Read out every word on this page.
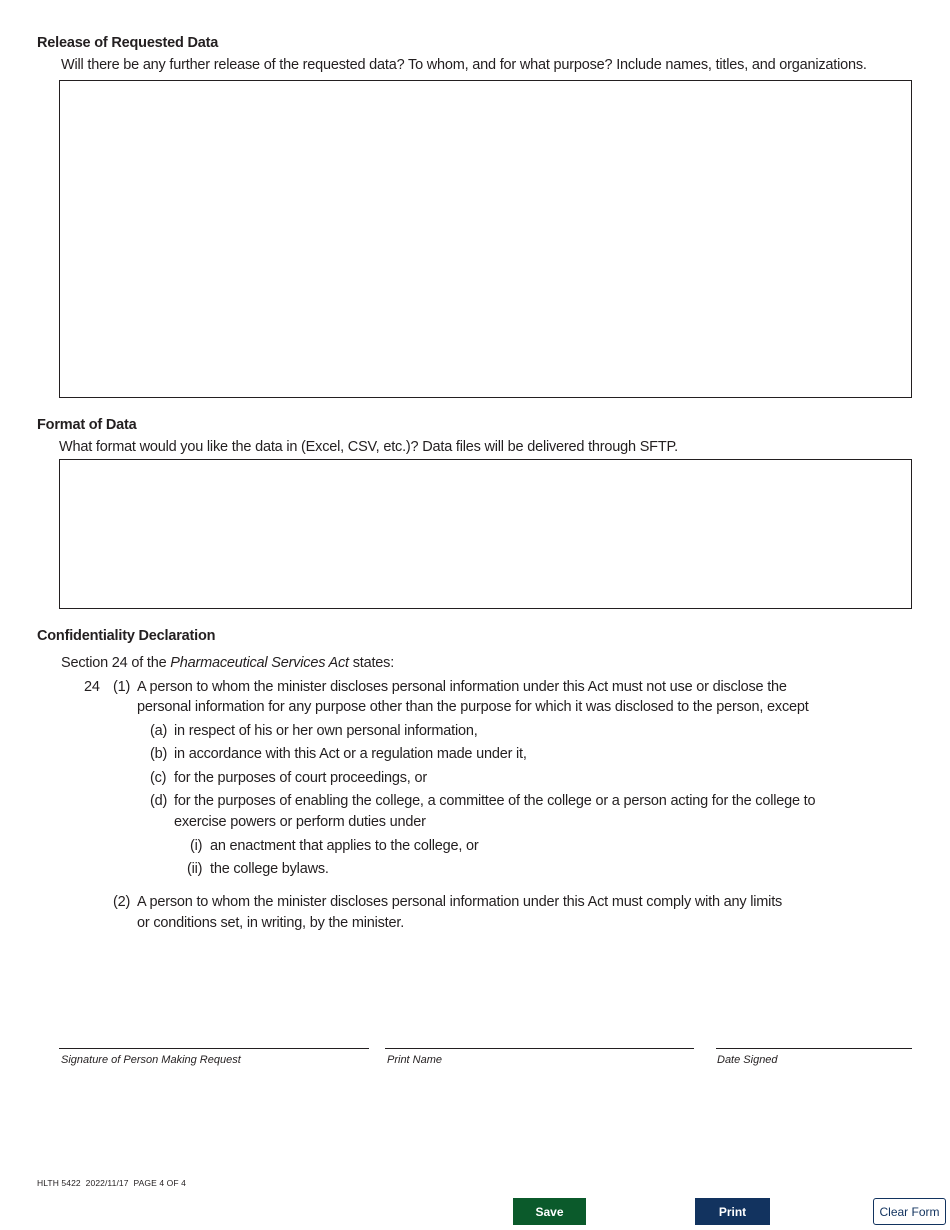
Release of Requested Data
Will there be any further release of the requested data? To whom, and for what purpose? Include names, titles, and organizations.
Format of Data
What format would you like the data in (Excel, CSV, etc.)? Data files will be delivered through SFTP.
Confidentiality Declaration
Section 24 of the Pharmaceutical Services Act states:
24 (1) A person to whom the minister discloses personal information under this Act must not use or disclose the
personal information for any purpose other than the purpose for which it was disclosed to the person, except
(a) in respect of his or her own personal information,
(b) in accordance with this Act or a regulation made under it,
(c) for the purposes of court proceedings, or
(d) for the purposes of enabling the college, a committee of the college or a person acting for the college to
exercise powers or perform duties under
(i) an enactment that applies to the college, or
(ii) the college bylaws.
(2) A person to whom the minister discloses personal information under this Act must comply with any limits
or conditions set, in writing, by the minister.
Signature of Person Making Request	Print Name	Date Signed
HLTH 5422  2022/11/17  PAGE 4 OF 4
Save	Print	Clear Form
